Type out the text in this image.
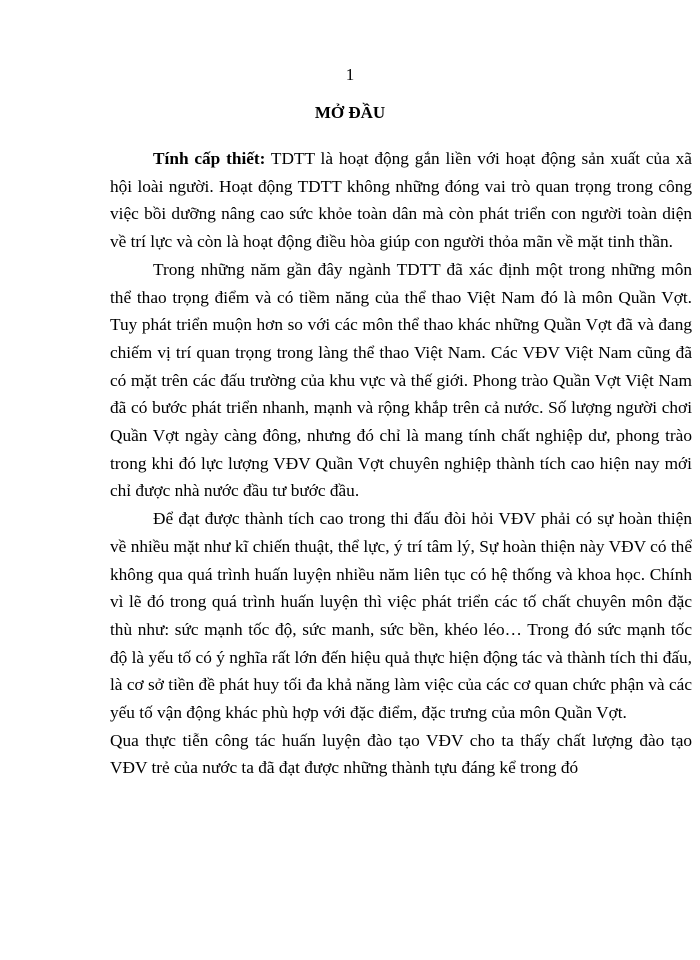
1
MỞ ĐẦU

Tính cấp thiết: TDTT là hoạt động gắn liền với hoạt động sản xuất của xã hội loài người. Hoạt động TDTT không những đóng vai trò quan trọng trong công việc bồi dưỡng nâng cao sức khỏe toàn dân mà còn phát triển con người toàn diện về trí lực và còn là hoạt động điều hòa giúp con người thỏa mãn về mặt tinh thần.

Trong những năm gần đây ngành TDTT đã xác định một trong những môn thể thao trọng điểm và có tiềm năng của thể thao Việt Nam đó là môn Quần Vợt. Tuy phát triển muộn hơn so với các môn thể thao khác những Quần Vợt đã và đang chiếm vị trí quan trọng trong làng thể thao Việt Nam. Các VĐV Việt Nam cũng đã có mặt trên các đấu trường của khu vực và thế giới. Phong trào Quần Vợt Việt Nam đã có bước phát triển nhanh, mạnh và rộng khắp trên cả nước. Số lượng người chơi Quần Vợt ngày càng đông, nhưng đó chỉ là mang tính chất nghiệp dư, phong trào trong khi đó lực lượng VĐV Quần Vợt chuyên nghiệp thành tích cao hiện nay mới chỉ được nhà nước đầu tư bước đầu.

Để đạt được thành tích cao trong thi đấu đòi hỏi VĐV phải có sự hoàn thiện về nhiều mặt như kĩ chiến thuật, thể lực, ý trí tâm lý, Sự hoàn thiện này VĐV có thể không qua quá trình huấn luyện nhiều năm liên tục có hệ thống và khoa học. Chính vì lẽ đó trong quá trình huấn luyện thì việc phát triển các tố chất chuyên môn đặc thù như: sức mạnh tốc độ, sức manh, sức bền, khéo léo… Trong đó sức mạnh tốc độ là yếu tố có ý nghĩa rất lớn đến hiệu quả thực hiện động tác và thành tích thi đấu, là cơ sở tiền đề phát huy tối đa khả năng làm việc của các cơ quan chức phận và các yếu tố vận động khác phù hợp với đặc điểm, đặc trưng của môn Quần Vợt.

Qua thực tiễn công tác huấn luyện đào tạo VĐV cho ta thấy chất lượng đào tạo VĐV trẻ của nước ta đã đạt được những thành tựu đáng kể trong đó
